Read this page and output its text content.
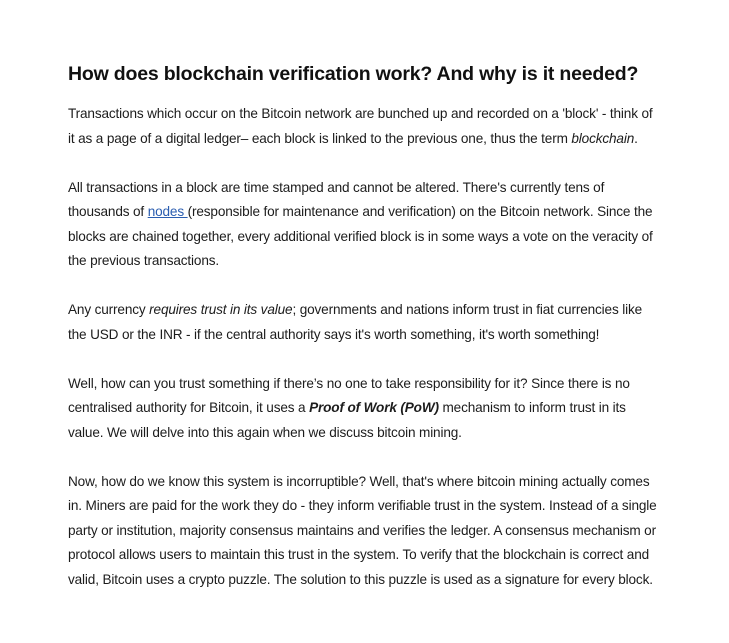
How does blockchain verification work? And why is it needed?

Transactions which occur on the Bitcoin network are bunched up and recorded on a 'block' - think of it as a page of a digital ledger– each block is linked to the previous one, thus the term blockchain.

All transactions in a block are time stamped and cannot be altered. There's currently tens of thousands of nodes (responsible for maintenance and verification) on the Bitcoin network. Since the blocks are chained together, every additional verified block is in some ways a vote on the veracity of the previous transactions.

Any currency requires trust in its value; governments and nations inform trust in fiat currencies like the USD or the INR - if the central authority says it's worth something, it's worth something!

Well, how can you trust something if there’s no one to take responsibility for it? Since there is no centralised authority for Bitcoin, it uses a Proof of Work (PoW) mechanism to inform trust in its value. We will delve into this again when we discuss bitcoin mining.

Now, how do we know this system is incorruptible? Well, that's where bitcoin mining actually comes in. Miners are paid for the work they do - they inform verifiable trust in the system. Instead of a single party or institution, majority consensus maintains and verifies the ledger. A consensus mechanism or protocol allows users to maintain this trust in the system. To verify that the blockchain is correct and valid, Bitcoin uses a crypto puzzle. The solution to this puzzle is used as a signature for every block.
